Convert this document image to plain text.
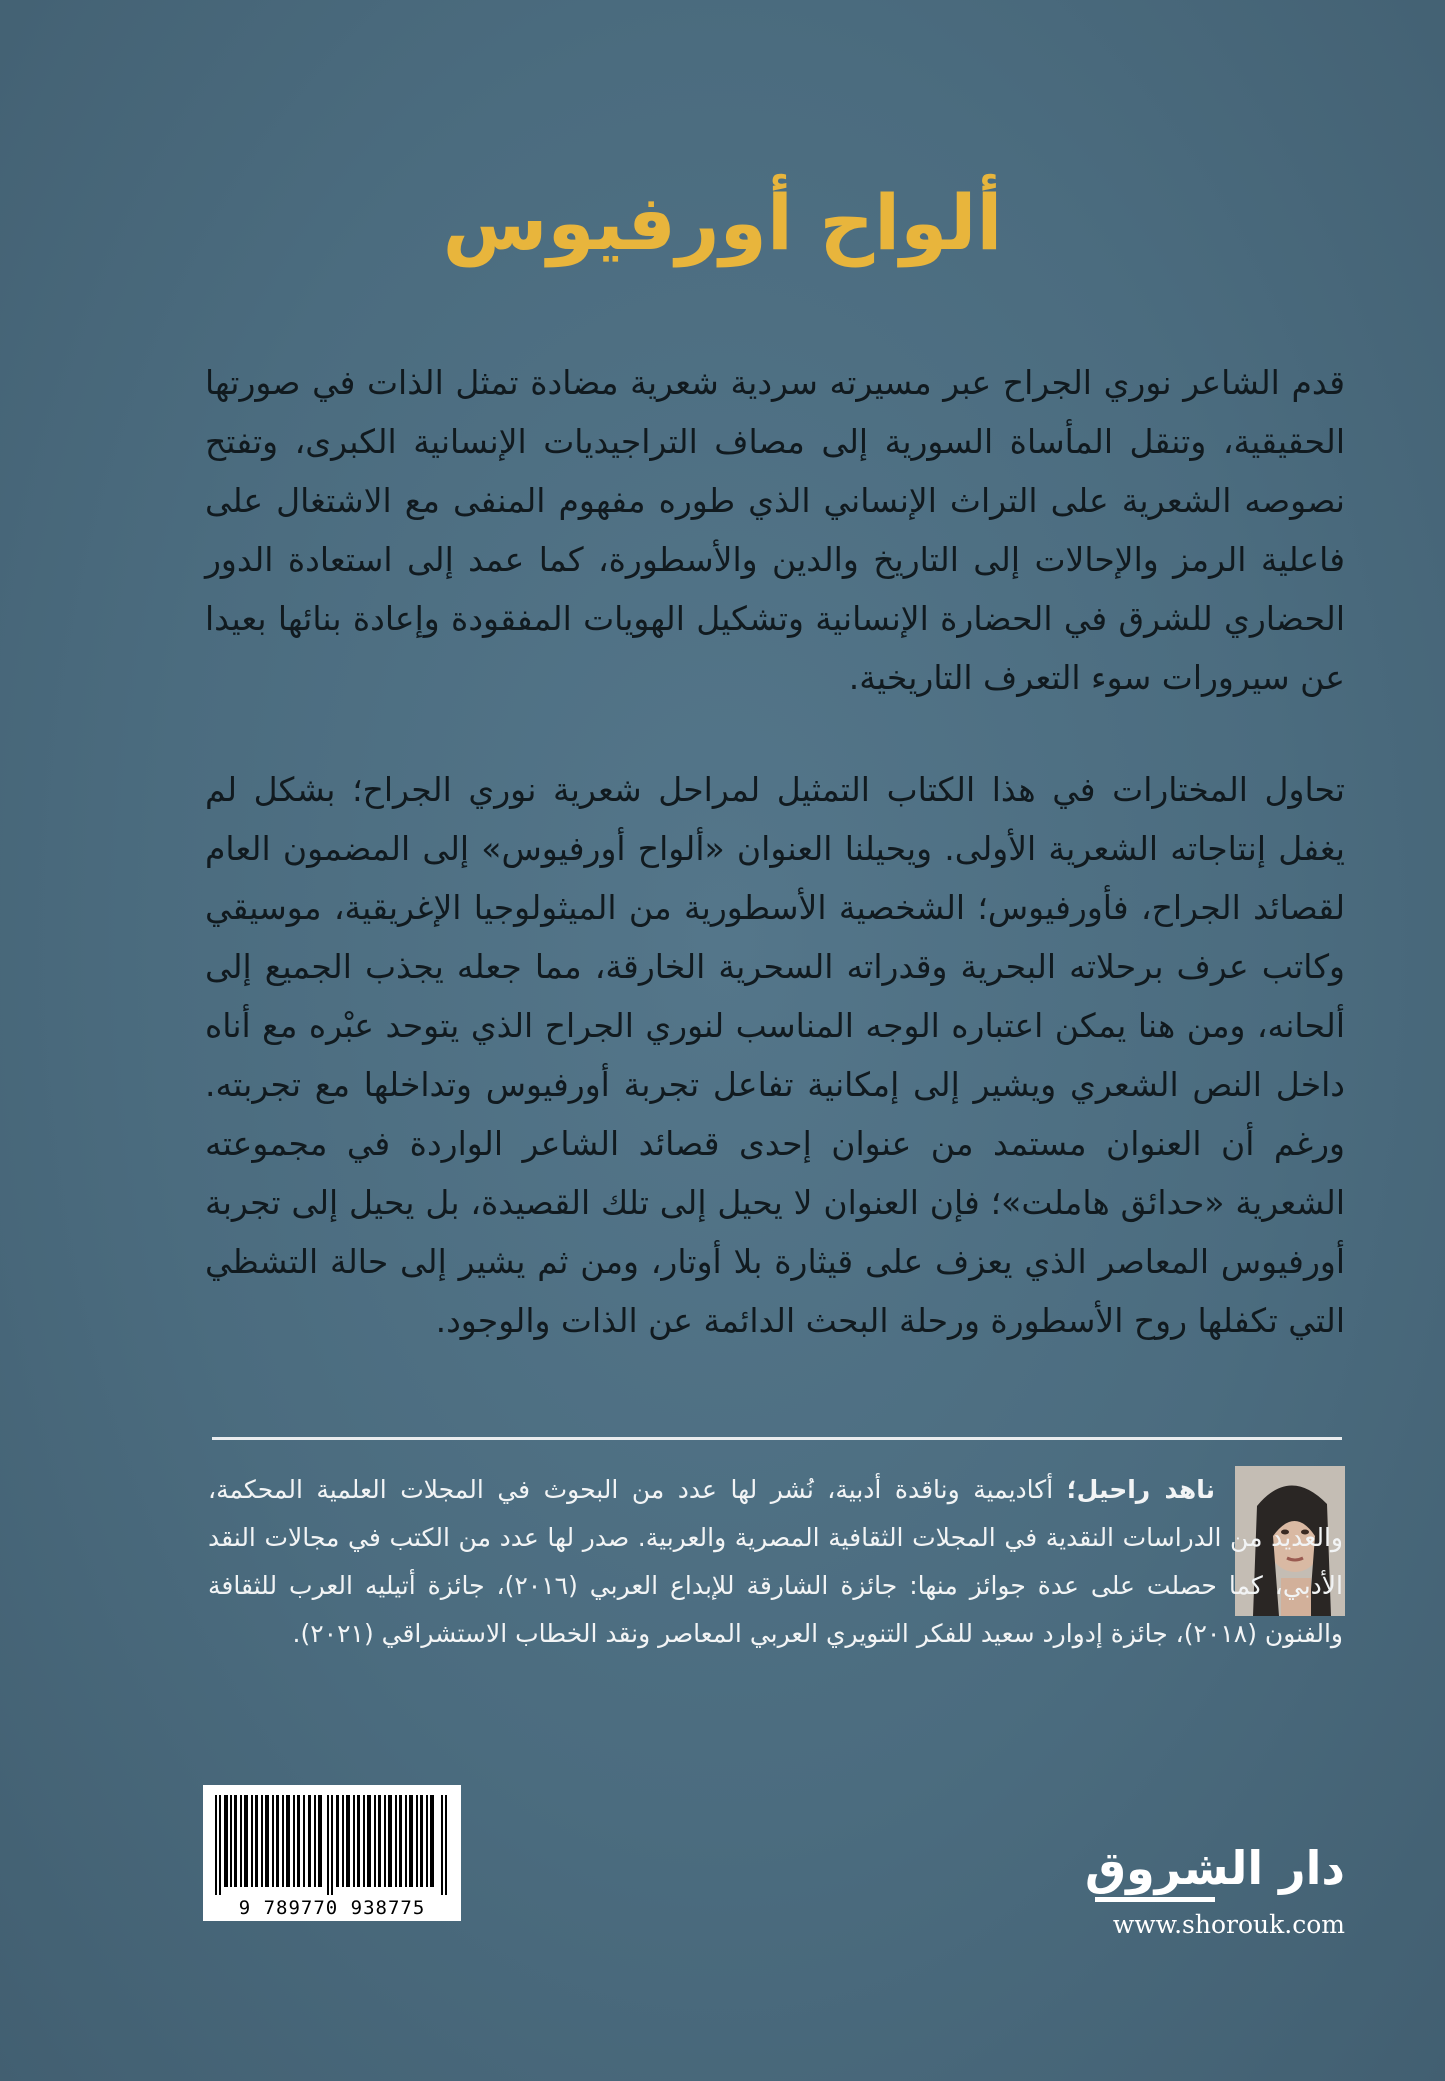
ألواح أورفيوس
قدم الشاعر نوري الجراح عبر مسيرته سردية شعرية مضادة تمثل الذات في صورتها الحقيقية، وتنقل المأساة السورية إلى مصاف التراجيديات الإنسانية الكبرى، وتفتح نصوصه الشعرية على التراث الإنساني الذي طوره مفهوم المنفى مع الاشتغال على فاعلية الرمز والإحالات إلى التاريخ والدين والأسطورة، كما عمد إلى استعادة الدور الحضاري للشرق في الحضارة الإنسانية وتشكيل الهويات المفقودة وإعادة بنائها بعيدا عن سيرورات سوء التعرف التاريخية.
تحاول المختارات في هذا الكتاب التمثيل لمراحل شعرية نوري الجراح؛ بشكل لم يغفل إنتاجاته الشعرية الأولى. ويحيلنا العنوان «ألواح أورفيوس» إلى المضمون العام لقصائد الجراح، فأورفيوس؛ الشخصية الأسطورية من الميثولوجيا الإغريقية، موسيقي وكاتب عرف برحلاته البحرية وقدراته السحرية الخارقة، مما جعله يجذب الجميع إلى ألحانه، ومن هنا يمكن اعتباره الوجه المناسب لنوري الجراح الذي يتوحد عبْره مع أناه داخل النص الشعري ويشير إلى إمكانية تفاعل تجربة أورفيوس وتداخلها مع تجربته. ورغم أن العنوان مستمد من عنوان إحدى قصائد الشاعر الواردة في مجموعته الشعرية «حدائق هاملت»؛ فإن العنوان لا يحيل إلى تلك القصيدة، بل يحيل إلى تجربة أورفيوس المعاصر الذي يعزف على قيثارة بلا أوتار، ومن ثم يشير إلى حالة التشظي التي تكفلها روح الأسطورة ورحلة البحث الدائمة عن الذات والوجود.
ناهد راحيل؛ أكاديمية وناقدة أدبية، نُشر لها عدد من البحوث في المجلات العلمية المحكمة، والعديد من الدراسات النقدية في المجلات الثقافية المصرية والعربية. صدر لها عدد من الكتب في مجالات النقد الأدبي، كما حصلت على عدة جوائز منها: جائزة الشارقة للإبداع العربي (٢٠١٦)، جائزة أتيليه العرب للثقافة والفنون (٢٠١٨)، جائزة إدوارد سعيد للفكر التنويري العربي المعاصر ونقد الخطاب الاستشراقي (٢٠٢١).
9 789770 938775
دار الشروق
www.shorouk.com
